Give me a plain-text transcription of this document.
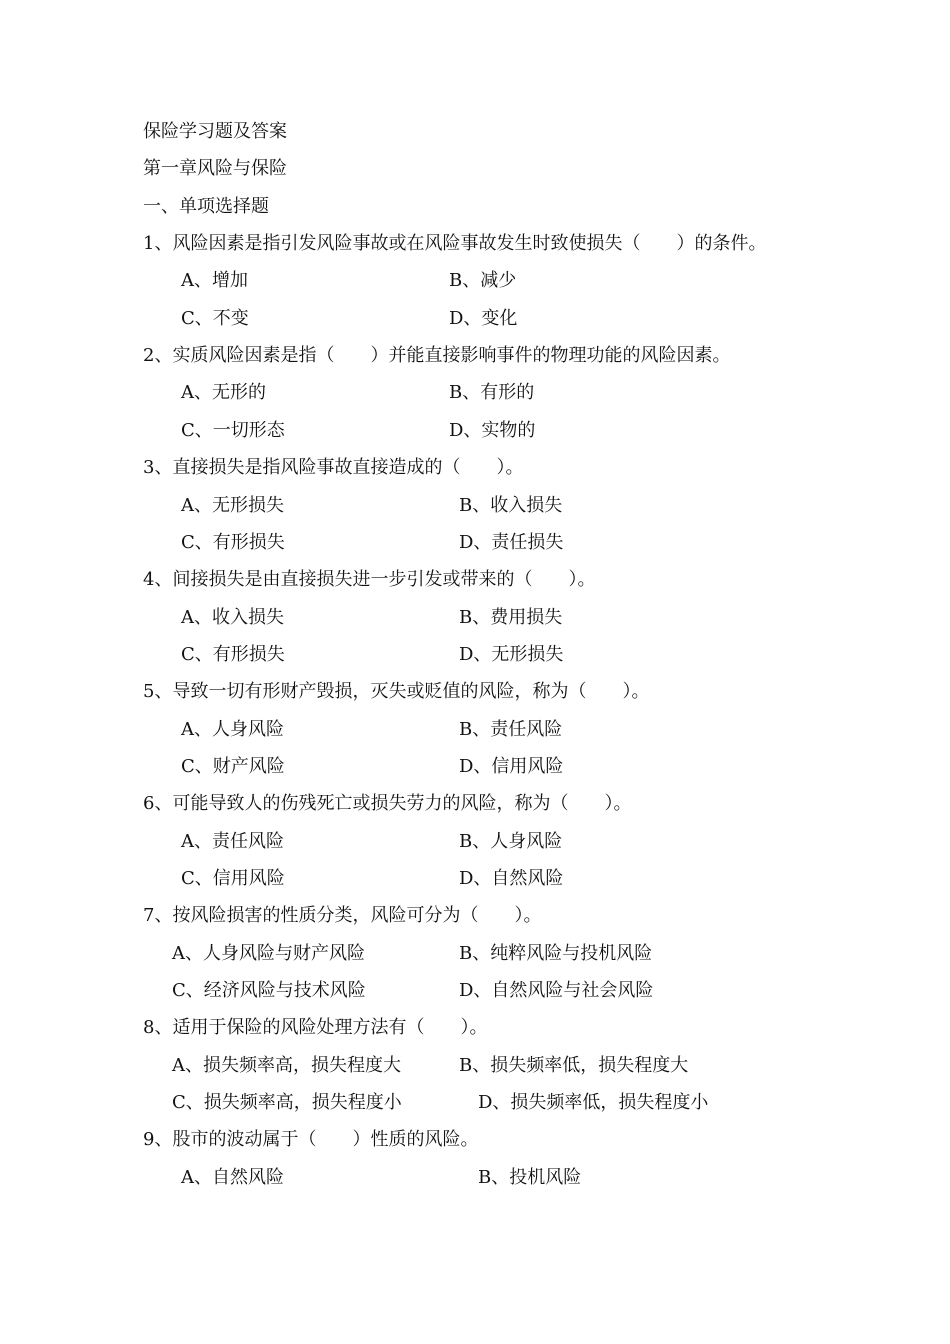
保险学习题及答案
第一章风险与保险
一、单项选择题
1、风险因素是指引发风险事故或在风险事故发生时致使损失（　　）的条件。
A、增加	B、减少
C、不变	D、变化
2、实质风险因素是指（　　）并能直接影响事件的物理功能的风险因素。
A、无形的	B、有形的
C、一切形态	D、实物的
3、直接损失是指风险事故直接造成的（　　）。
A、无形损失	B、收入损失
C、有形损失	D、责任损失
4、间接损失是由直接损失进一步引发或带来的（　　）。
A、收入损失	B、费用损失
C、有形损失	D、无形损失
5、导致一切有形财产毁损，灭失或贬值的风险，称为（　　）。
A、人身风险	B、责任风险
C、财产风险	D、信用风险
6、可能导致人的伤残死亡或损失劳力的风险，称为（　　）。
A、责任风险	B、人身风险
C、信用风险	D、自然风险
7、按风险损害的性质分类，风险可分为（　　）。
A、人身风险与财产风险	B、纯粹风险与投机风险
C、经济风险与技术风险	D、自然风险与社会风险
8、适用于保险的风险处理方法有（　　）。
A、损失频率高，损失程度大	B、损失频率低，损失程度大
C、损失频率高，损失程度小	D、损失频率低，损失程度小
9、股市的波动属于（　　）性质的风险。
A、自然风险	B、投机风险
